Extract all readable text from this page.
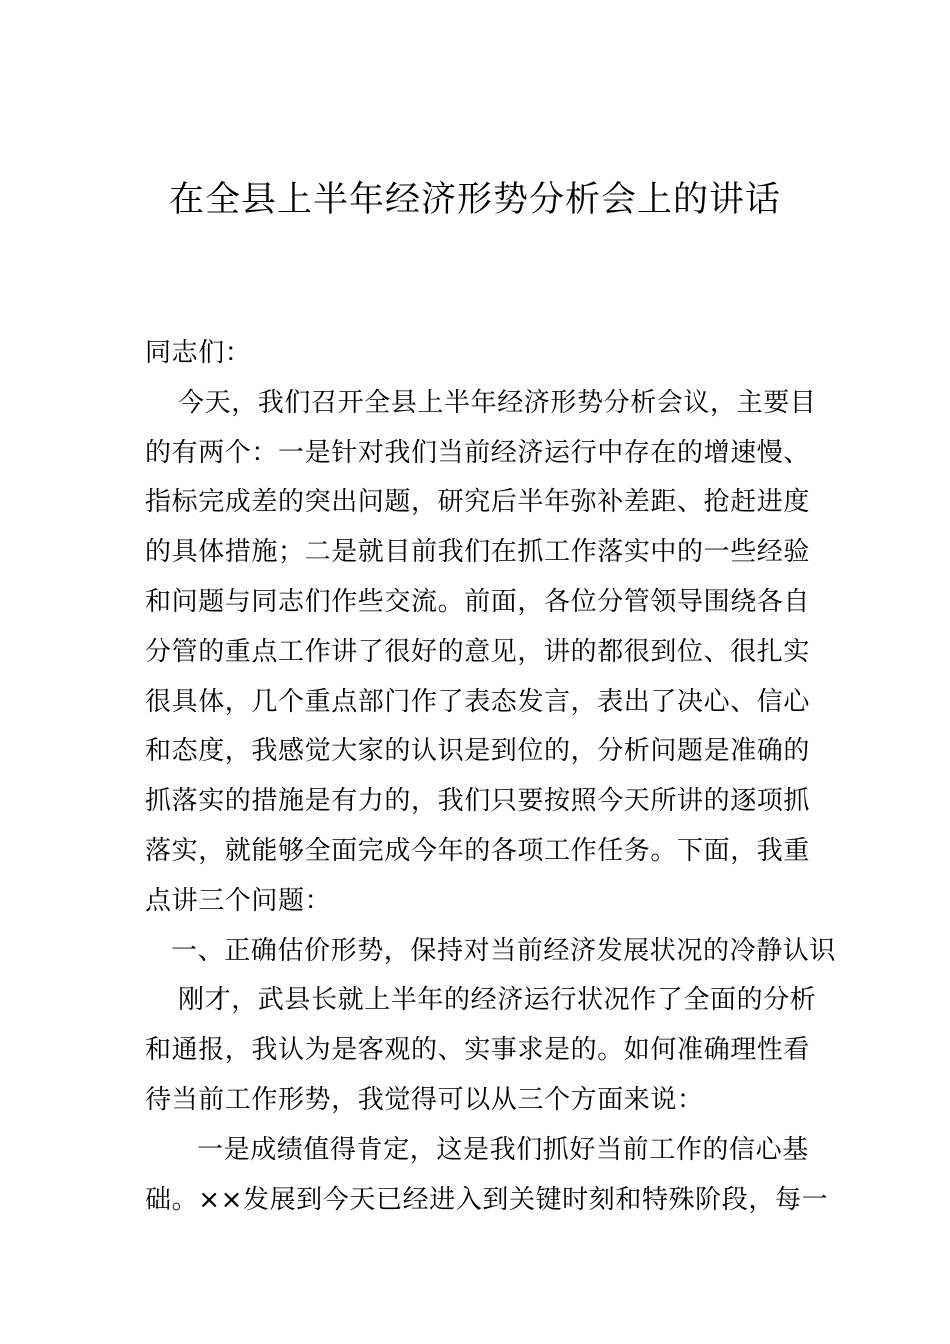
在全县上半年经济形势分析会上的讲话
同志们：
今天，我们召开全县上半年经济形势分析会议，主要目
的有两个：一是针对我们当前经济运行中存在的增速慢、
指标完成差的突出问题，研究后半年弥补差距、抢赶进度
的具体措施；二是就目前我们在抓工作落实中的一些经验
和问题与同志们作些交流。前面，各位分管领导围绕各自
分管的重点工作讲了很好的意见，讲的都很到位、很扎实
很具体，几个重点部门作了表态发言，表出了决心、信心
和态度，我感觉大家的认识是到位的，分析问题是准确的
抓落实的措施是有力的，我们只要按照今天所讲的逐项抓
落实，就能够全面完成今年的各项工作任务。下面，我重
点讲三个问题：
一、正确估价形势，保持对当前经济发展状况的冷静认识
刚才，武县长就上半年的经济运行状况作了全面的分析
和通报，我认为是客观的、实事求是的。如何准确理性看
待当前工作形势，我觉得可以从三个方面来说：
一是成绩值得肯定，这是我们抓好当前工作的信心基
础。××发展到今天已经进入到关键时刻和特殊阶段，每一
